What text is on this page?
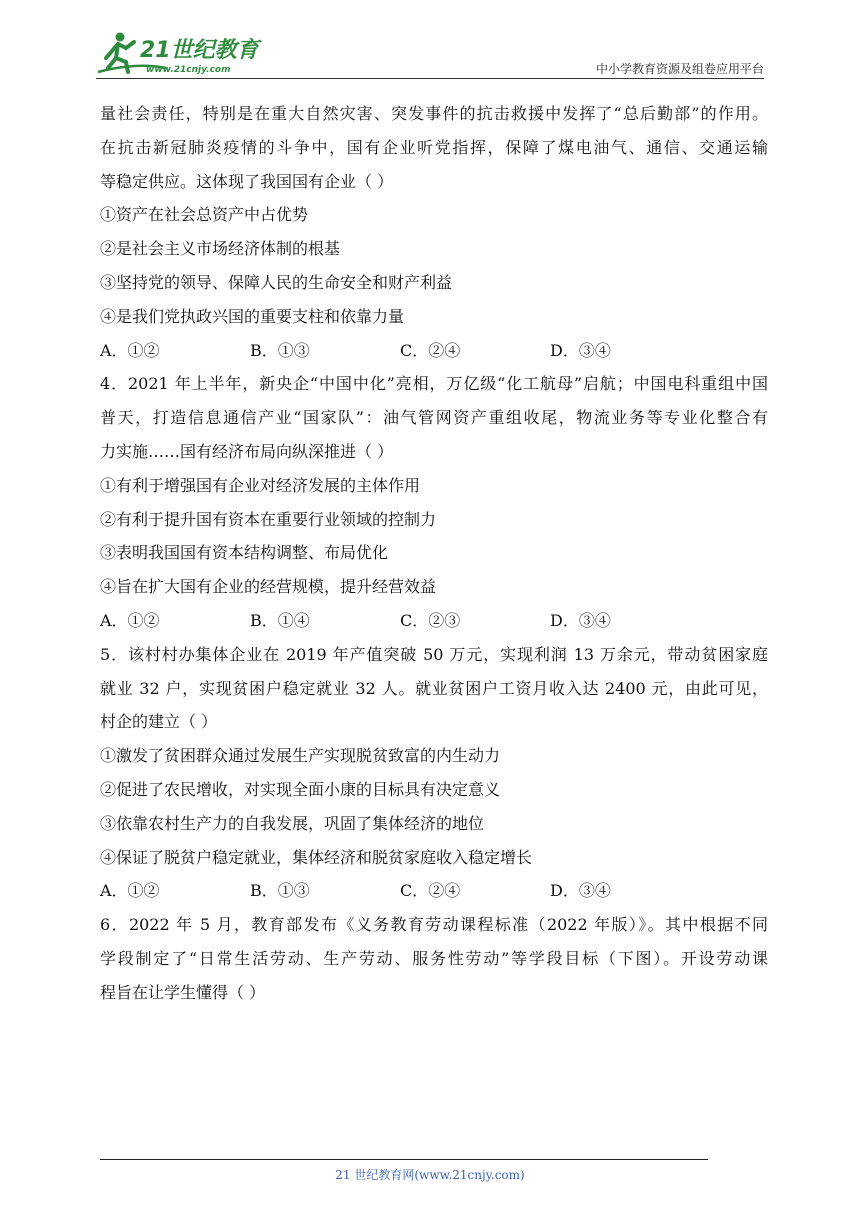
21世纪教育
www.21cnjy.com	中小学教育资源及组卷应用平台
量社会责任，特别是在重大自然灾害、突发事件的抗击救援中发挥了“总后勤部”的作用。
在抗击新冠肺炎疫情的斗争中，国有企业听党指挥，保障了煤电油气、通信、交通运输
等稳定供应。这体现了我国国有企业（ ）
①资产在社会总资产中占优势
②是社会主义市场经济体制的根基
③坚持党的领导、保障人民的生命安全和财产利益
④是我们党执政兴国的重要支柱和依靠力量
A．①②	B．①③	C．②④	D．③④
4．2021 年上半年，新央企“中国中化”亮相，万亿级“化工航母”启航；中国电科重组中国
普天，打造信息通信产业“国家队”：油气管网资产重组收尾，物流业务等专业化整合有
力实施……国有经济布局向纵深推进（ ）
①有利于增强国有企业对经济发展的主体作用
②有利于提升国有资本在重要行业领域的控制力
③表明我国国有资本结构调整、布局优化
④旨在扩大国有企业的经营规模，提升经营效益
A．①②	B．①④	C．②③	D．③④
5．该村村办集体企业在 2019 年产值突破 50 万元，实现利润 13 万余元，带动贫困家庭
就业 32 户，实现贫困户稳定就业 32 人。就业贫困户工资月收入达 2400 元，由此可见，
村企的建立（ ）
①激发了贫困群众通过发展生产实现脱贫致富的内生动力
②促进了农民增收，对实现全面小康的目标具有决定意义
③依靠农村生产力的自我发展，巩固了集体经济的地位
④保证了脱贫户稳定就业，集体经济和脱贫家庭收入稳定增长
A．①②	B．①③	C．②④	D．③④
6．2022 年 5 月，教育部发布《义务教育劳动课程标准（2022 年版）》。其中根据不同
学段制定了“日常生活劳动、生产劳动、服务性劳动”等学段目标（下图）。开设劳动课
程旨在让学生懂得（ ）
21 世纪教育网(www.21cnjy.com)
